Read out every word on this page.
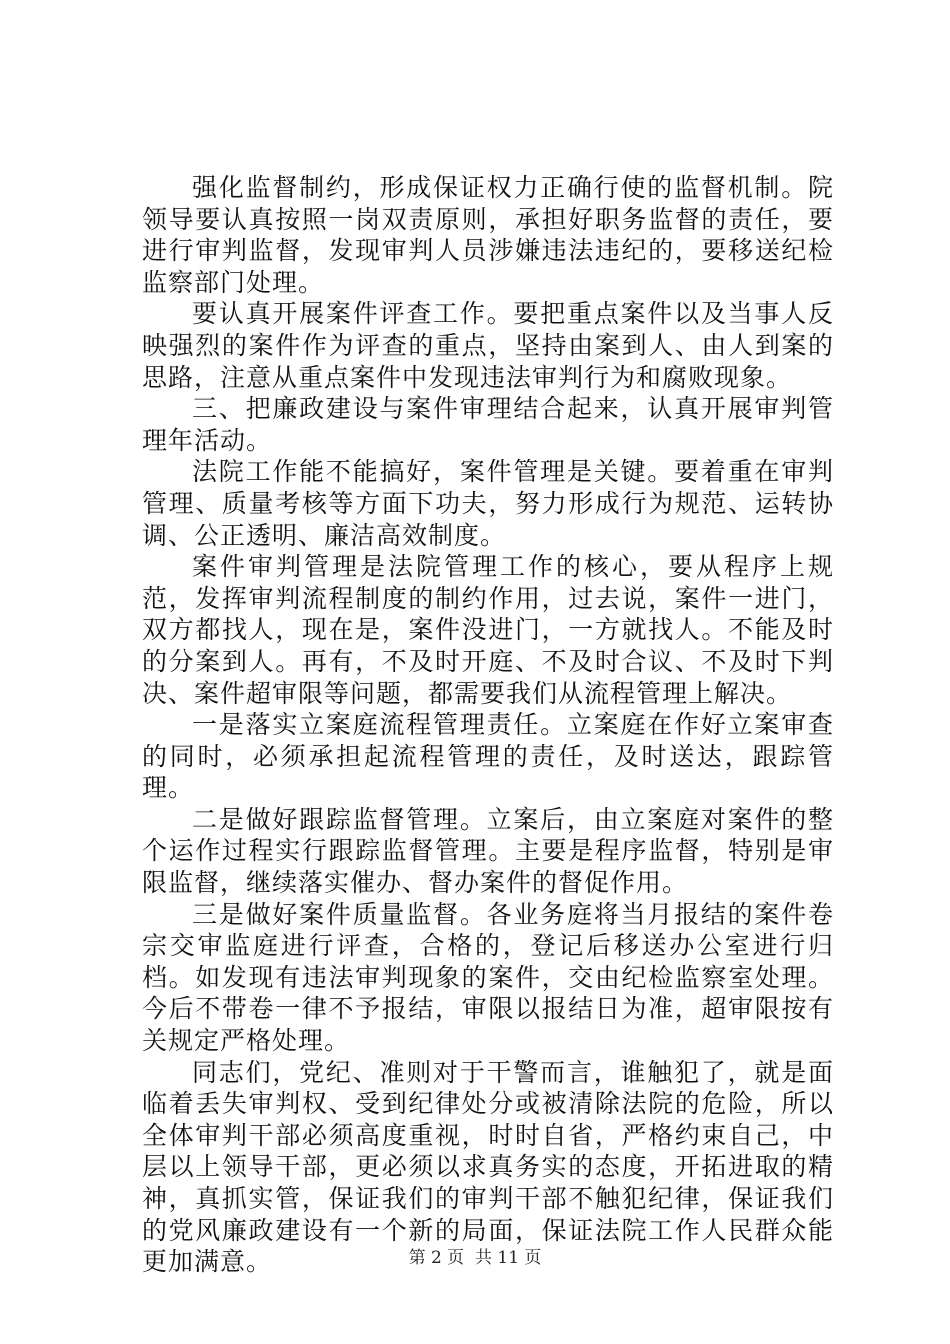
强化监督制约，形成保证权力正确行使的监督机制。院领导要认真按照一岗双责原则，承担好职务监督的责任，要进行审判监督，发现审判人员涉嫌违法违纪的，要移送纪检监察部门处理。

要认真开展案件评查工作。要把重点案件以及当事人反映强烈的案件作为评查的重点，坚持由案到人、由人到案的思路，注意从重点案件中发现违法审判行为和腐败现象。

三、把廉政建设与案件审理结合起来，认真开展审判管理年活动。

法院工作能不能搞好，案件管理是关键。要着重在审判管理、质量考核等方面下功夫，努力形成行为规范、运转协调、公正透明、廉洁高效制度。

案件审判管理是法院管理工作的核心，要从程序上规范，发挥审判流程制度的制约作用，过去说，案件一进门，双方都找人，现在是，案件没进门，一方就找人。不能及时的分案到人。再有，不及时开庭、不及时合议、不及时下判决、案件超审限等问题，都需要我们从流程管理上解决。

一是落实立案庭流程管理责任。立案庭在作好立案审查的同时，必须承担起流程管理的责任，及时送达，跟踪管理。

二是做好跟踪监督管理。立案后，由立案庭对案件的整个运作过程实行跟踪监督管理。主要是程序监督，特别是审限监督，继续落实催办、督办案件的督促作用。

三是做好案件质量监督。各业务庭将当月报结的案件卷宗交审监庭进行评查，合格的，登记后移送办公室进行归档。如发现有违法审判现象的案件，交由纪检监察室处理。今后不带卷一律不予报结，审限以报结日为准，超审限按有关规定严格处理。

同志们，党纪、准则对于干警而言，谁触犯了，就是面临着丢失审判权、受到纪律处分或被清除法院的危险，所以全体审判干部必须高度重视，时时自省，严格约束自己，中层以上领导干部，更必须以求真务实的态度，开拓进取的精神，真抓实管，保证我们的审判干部不触犯纪律，保证我们的党风廉政建设有一个新的局面，保证法院工作人民群众能更加满意。	第 2 页  共 11 页
